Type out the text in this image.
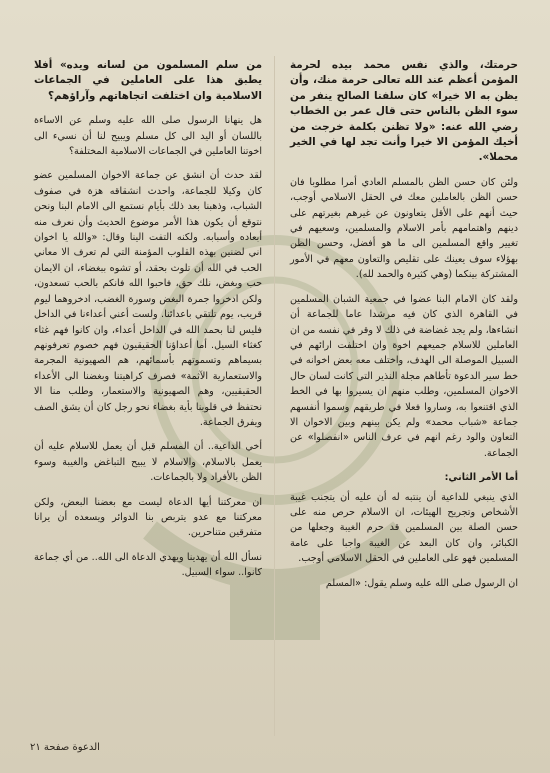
حرمتك، والذي نفس محمد بيده لحرمة المؤمن أعظم عند الله تعالى حرمة منك، وأن يظن به الا خيرا» كان سلفنا الصالح ينفر من سوء الظن بالناس حتى قال عمر بن الخطاب رضي الله عنه: «ولا تظنن بكلمة خرجت من أخيك المؤمن الا خيرا وأنت تجد لها في الخير محملا».

ولئن كان حسن الظن بالمسلم العادي أمرا مطلوبا فان حسن الظن بالعاملين معك في الحقل الاسلامي أوجب، حيث أنهم على الأقل يتعاونون عن غيرهم بغيرتهم على دينهم واهتمامهم بأمر الاسلام والمسلمين، وسعيهم في تغيير واقع المسلمين الى ما هو أفضل، وحسن الظن بهؤلاء سوف يعينك على تقليص والتعاون معهم في الأمور المشتركة بينكما (وهي كثيرة والحمد لله).

ولقد كان الامام البنا عضوا في جمعية الشبان المسلمين في القاهرة الذي كان فيه مرشدا عاما للجماعة أن انشاءها، ولم يجد غضاضة في ذلك لا وقر في نفسه من ان العاملين للاسلام جميعهم اخوة وان اختلفت ارائهم في السبيل الموصلة الى الهدف، واختلف معه بعض اخوانه في خط سير الدعوة تأطاهم مجلة النذير التي كانت لسان حال الاخوان المسلمين، وطلب منهم ان يسيروا بها في الخط الذي اقتنعوا به، وساروا فعلا في طريقهم وسموا أنفسهم جماعة «شباب محمد» ولم يكن بينهم وبين الاخوان الا التعاون والود رغم انهم في عرف الناس «انفصلوا» عن الجماعة.

أما الأمر الثاني:

الذي ينبغي للداعية أن ينتبه له أن عليه أن يتجنب غيبة الأشخاص وتجريح الهيئات، ان الاسلام حرص منه على حسن الصلة بين المسلمين قد حرم الغيبة وجعلها من الكبائر، وان كان البعد عن الغيبة واجبا على عامة المسلمين فهو على العاملين في الحقل الاسلامي أوجب.

ان الرسول صلى الله عليه وسلم يقول: «المسلم

من سلم المسلمون من لسانه ويده» أفلا يطبق هذا على العاملين في الجماعات الاسلامية وان اختلفت اتجاهاتهم وآراؤهم؟

هل ينهانا الرسول صلى الله عليه وسلم عن الاساءة باللسان أو اليد الى كل مسلم ويبيح لنا أن نسيء الى اخوتنا العاملين في الجماعات الاسلامية المختلفة؟

لقد حدث أن انشق عن جماعة الاخوان المسلمين عضو كان وكيلا للجماعة، واحدث انشقاقه هزة في صفوف الشباب، وذهبنا بعد ذلك بأيام نستمع الى الامام البنا ونحن نتوقع أن يكون هذا الأمر موضوع الحديث وأن نعرف منه أبعاده وأسبابه. ولكنه التفت الينا وقال: «والله يا اخوان اني لضنين بهذه القلوب المؤمنة التي لم تعرف الا معاني الحب في الله أن تلوث بحقد، أو تشوه ببغضاء، ان الايمان حب وبغض، نلك حق، فاحبوا الله فانكم بالحب تسعدون، ولكن ادخروا جمرة البغض وسورة الغضب، ادخروهما ليوم قريب، يوم تلتقي باعدائنا. ولست أعني أعداءنا في الداخل فليس لنا بحمد الله في الداخل أعداء، وان كانوا فهم غثاء كغثاء السيل. أما أعداؤنا الحقيقيون فهم خصوم تعرفونهم بسيماهم وتسموتهم بأسمائهم، هم الصهيونية المجرمة والاستعمارية الآثمة» فصرف كراهيتنا وبغضنا الى الأعداء الحقيقيين، وهم الصهيونية والاستعمار، وطلب منا الا نحتفظ في قلوبنا بأية بغضاء نحو رجل كان أن يشق الصف ويفرق الجماعة.

أخي الداعية.. أن المسلم قبل أن يعمل للاسلام عليه أن يعمل بالاسلام، والاسلام لا يبيح التباغض والغيبة وسوء الظن بالأفراد ولا بالجماعات.

ان معركتنا أيها الدعاة ليست مع بعضنا البعض، ولكن معركتنا مع عدو يتربص بنا الدوائر ويسعده أن يرانا متفرقين متناحرين.

نسأل الله أن يهدينا ويهدي الدعاة الى الله.. من أي جماعة كانوا.. سواء السبيل.

الدعوة صفحة ٢١
